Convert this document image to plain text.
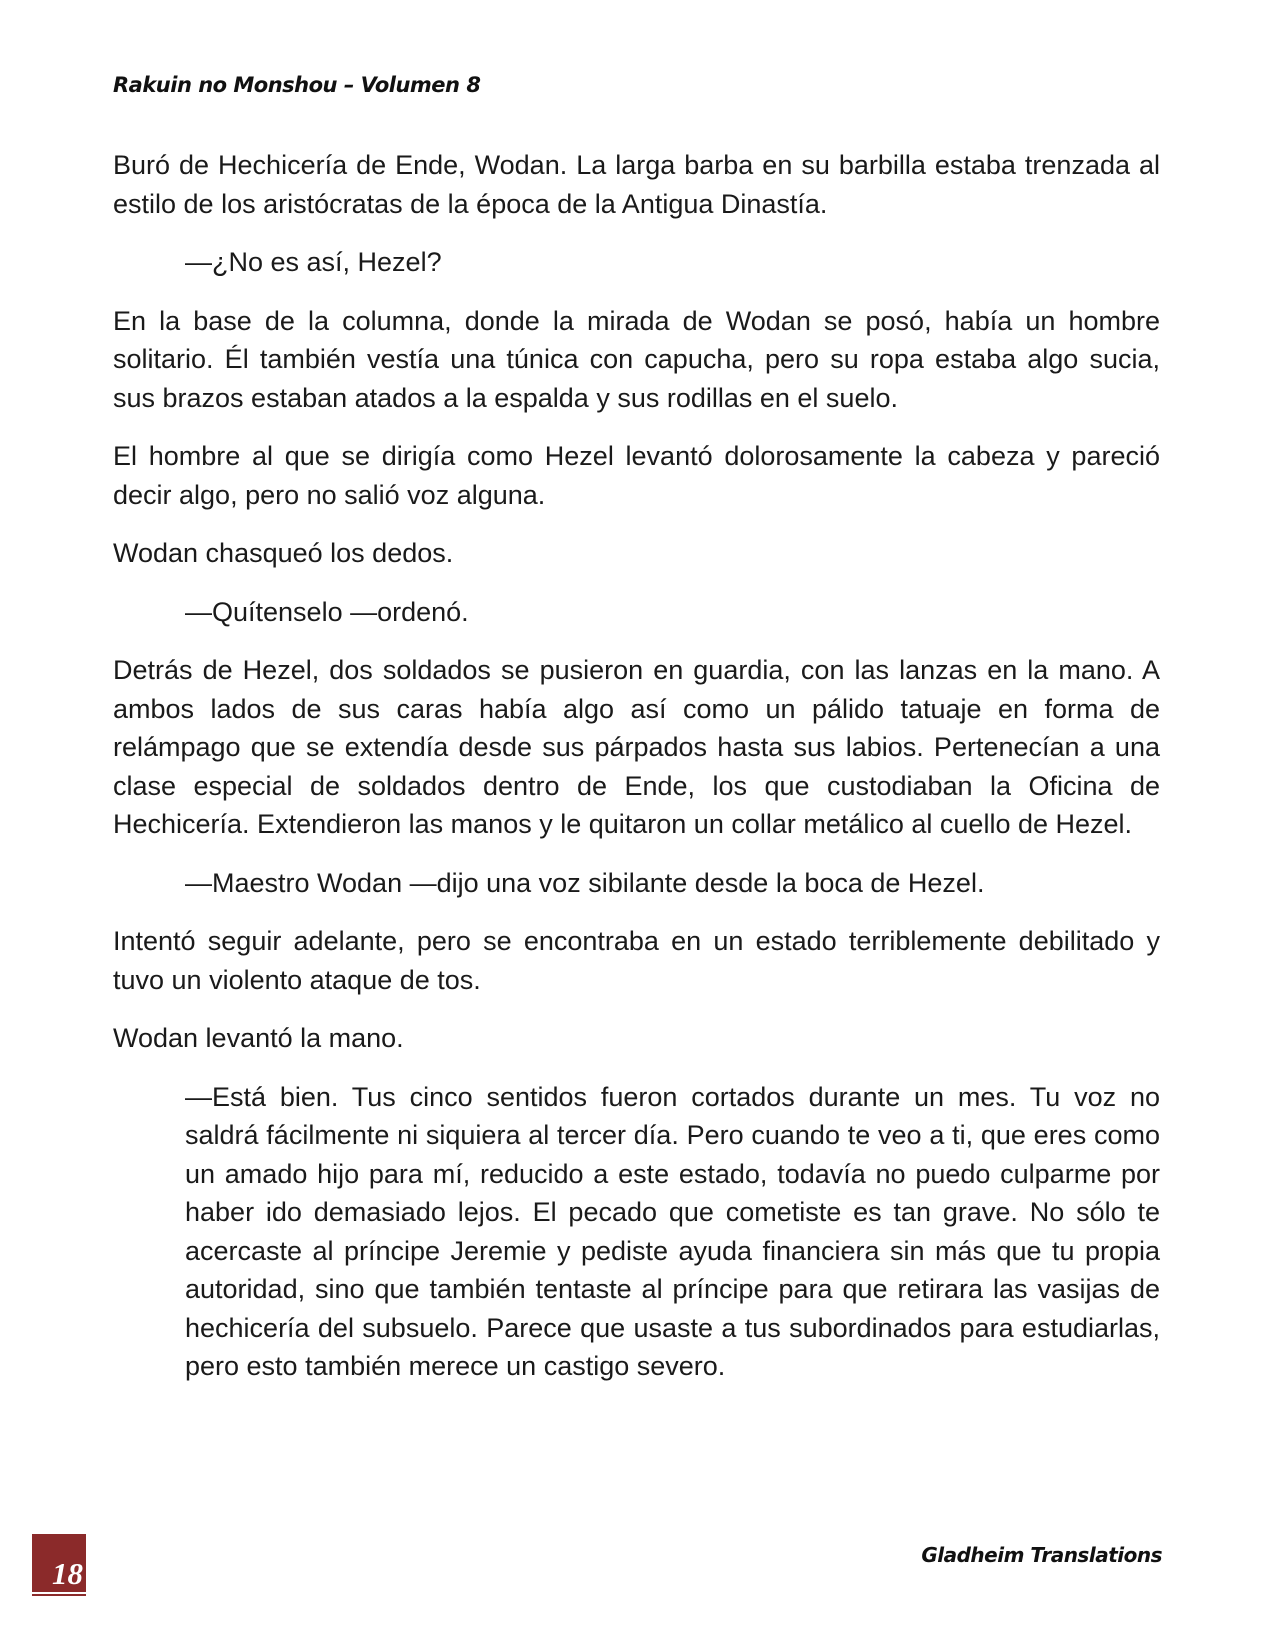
Rakuin no Monshou – Volumen 8

Buró de Hechicería de Ende, Wodan. La larga barba en su barbilla estaba trenzada al estilo de los aristócratas de la época de la Antigua Dinastía.

—¿No es así, Hezel?

En la base de la columna, donde la mirada de Wodan se posó, había un hombre solitario. Él también vestía una túnica con capucha, pero su ropa estaba algo sucia, sus brazos estaban atados a la espalda y sus rodillas en el suelo.

El hombre al que se dirigía como Hezel levantó dolorosamente la cabeza y pareció decir algo, pero no salió voz alguna.

Wodan chasqueó los dedos.

—Quítenselo —ordenó.

Detrás de Hezel, dos soldados se pusieron en guardia, con las lanzas en la mano. A ambos lados de sus caras había algo así como un pálido tatuaje en forma de relámpago que se extendía desde sus párpados hasta sus labios. Pertenecían a una clase especial de soldados dentro de Ende, los que custodiaban la Oficina de Hechicería. Extendieron las manos y le quitaron un collar metálico al cuello de Hezel.

—Maestro Wodan —dijo una voz sibilante desde la boca de Hezel.

Intentó seguir adelante, pero se encontraba en un estado terriblemente debilitado y tuvo un violento ataque de tos.

Wodan levantó la mano.

—Está bien. Tus cinco sentidos fueron cortados durante un mes. Tu voz no saldrá fácilmente ni siquiera al tercer día. Pero cuando te veo a ti, que eres como un amado hijo para mí, reducido a este estado, todavía no puedo culparme por haber ido demasiado lejos. El pecado que cometiste es tan grave. No sólo te acercaste al príncipe Jeremie y pediste ayuda financiera sin más que tu propia autoridad, sino que también tentaste al príncipe para que retirara las vasijas de hechicería del subsuelo. Parece que usaste a tus subordinados para estudiarlas, pero esto también merece un castigo severo.

18
Gladheim Translations
